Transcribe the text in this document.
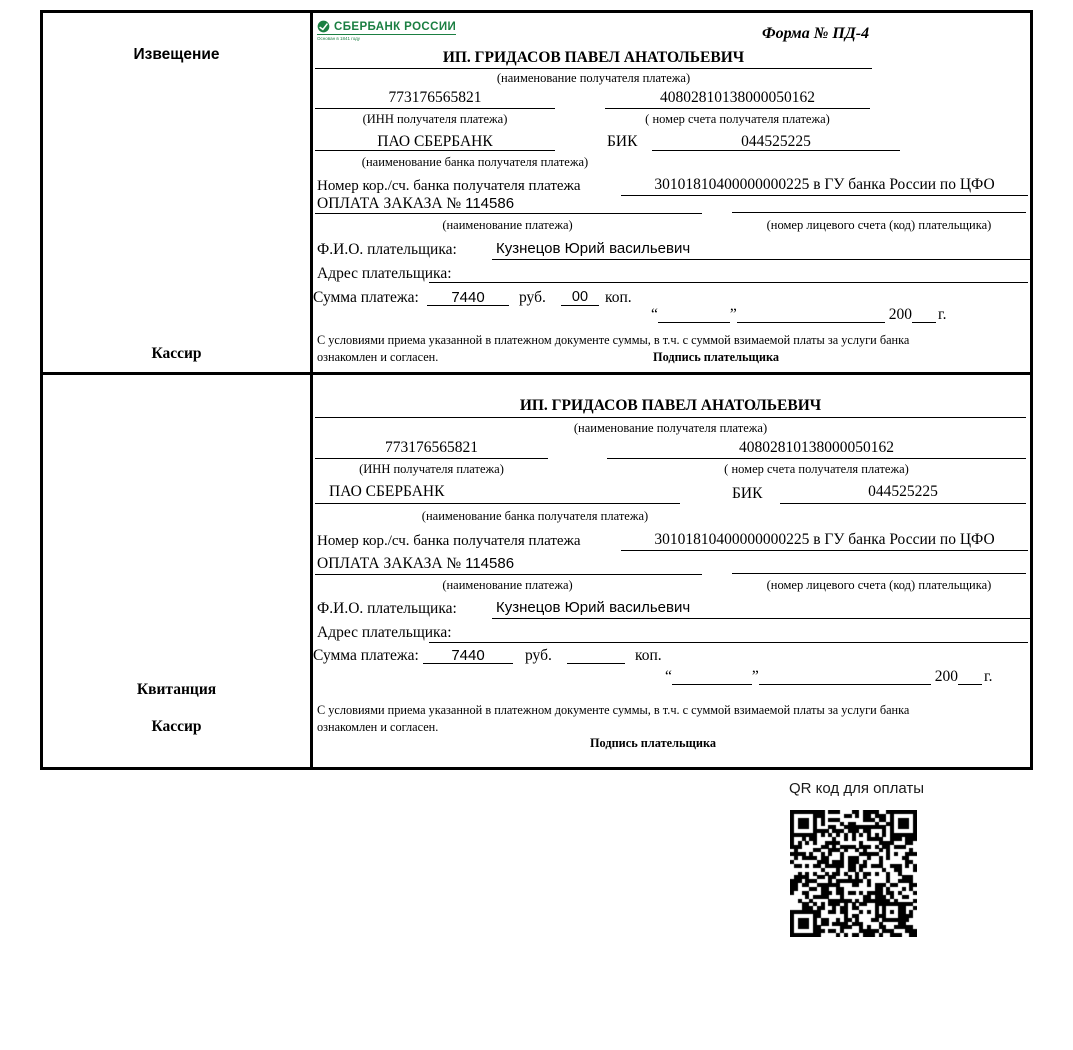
Извещение
Кассир
СБЕРБАНК РОССИИ
Основан в 1841 году	Форма № ПД-4
ИП. ГРИДАСОВ ПАВЕЛ АНАТОЛЬЕВИЧ
(наименование получателя платежа)
773176565821	40802810138000050162
(ИНН получателя платежа)	( номер счета получателя платежа)
ПАО СБЕРБАНК	БИК	044525225
(наименование банка получателя платежа)
Номер кор./сч. банка получателя платежа	30101810400000000225 в ГУ банка России по ЦФО
ОПЛАТА ЗАКАЗА № 114586
(наименование платежа)	(номер лицевого счета (код) плательщика)
Ф.И.О. плательщика:	Кузнецов Юрий васильевич
Адрес плательщика:
Сумма платежа:	7440	руб.	00	коп.
“	”	200 г.
С условиями приема указанной в платежном документе суммы, в т.ч. с суммой взимаемой платы за услуги банка
ознакомлен и согласен.	Подпись плательщика
Квитанция
Кассир
ИП. ГРИДАСОВ ПАВЕЛ АНАТОЛЬЕВИЧ
(наименование получателя платежа)
773176565821	40802810138000050162
(ИНН получателя платежа)	( номер счета получателя платежа)
ПАО СБЕРБАНК	БИК	044525225
(наименование банка получателя платежа)
Номер кор./сч. банка получателя платежа	30101810400000000225 в ГУ банка России по ЦФО
ОПЛАТА ЗАКАЗА № 114586
(наименование платежа)	(номер лицевого счета (код) плательщика)
Ф.И.О. плательщика:	Кузнецов Юрий васильевич
Адрес плательщика:
Сумма платежа:	7440	руб.	коп.
“	”	200 г.
С условиями приема указанной в платежном документе суммы, в т.ч. с суммой взимаемой платы за услуги банка
ознакомлен и согласен.
Подпись плательщика
QR код для оплаты
